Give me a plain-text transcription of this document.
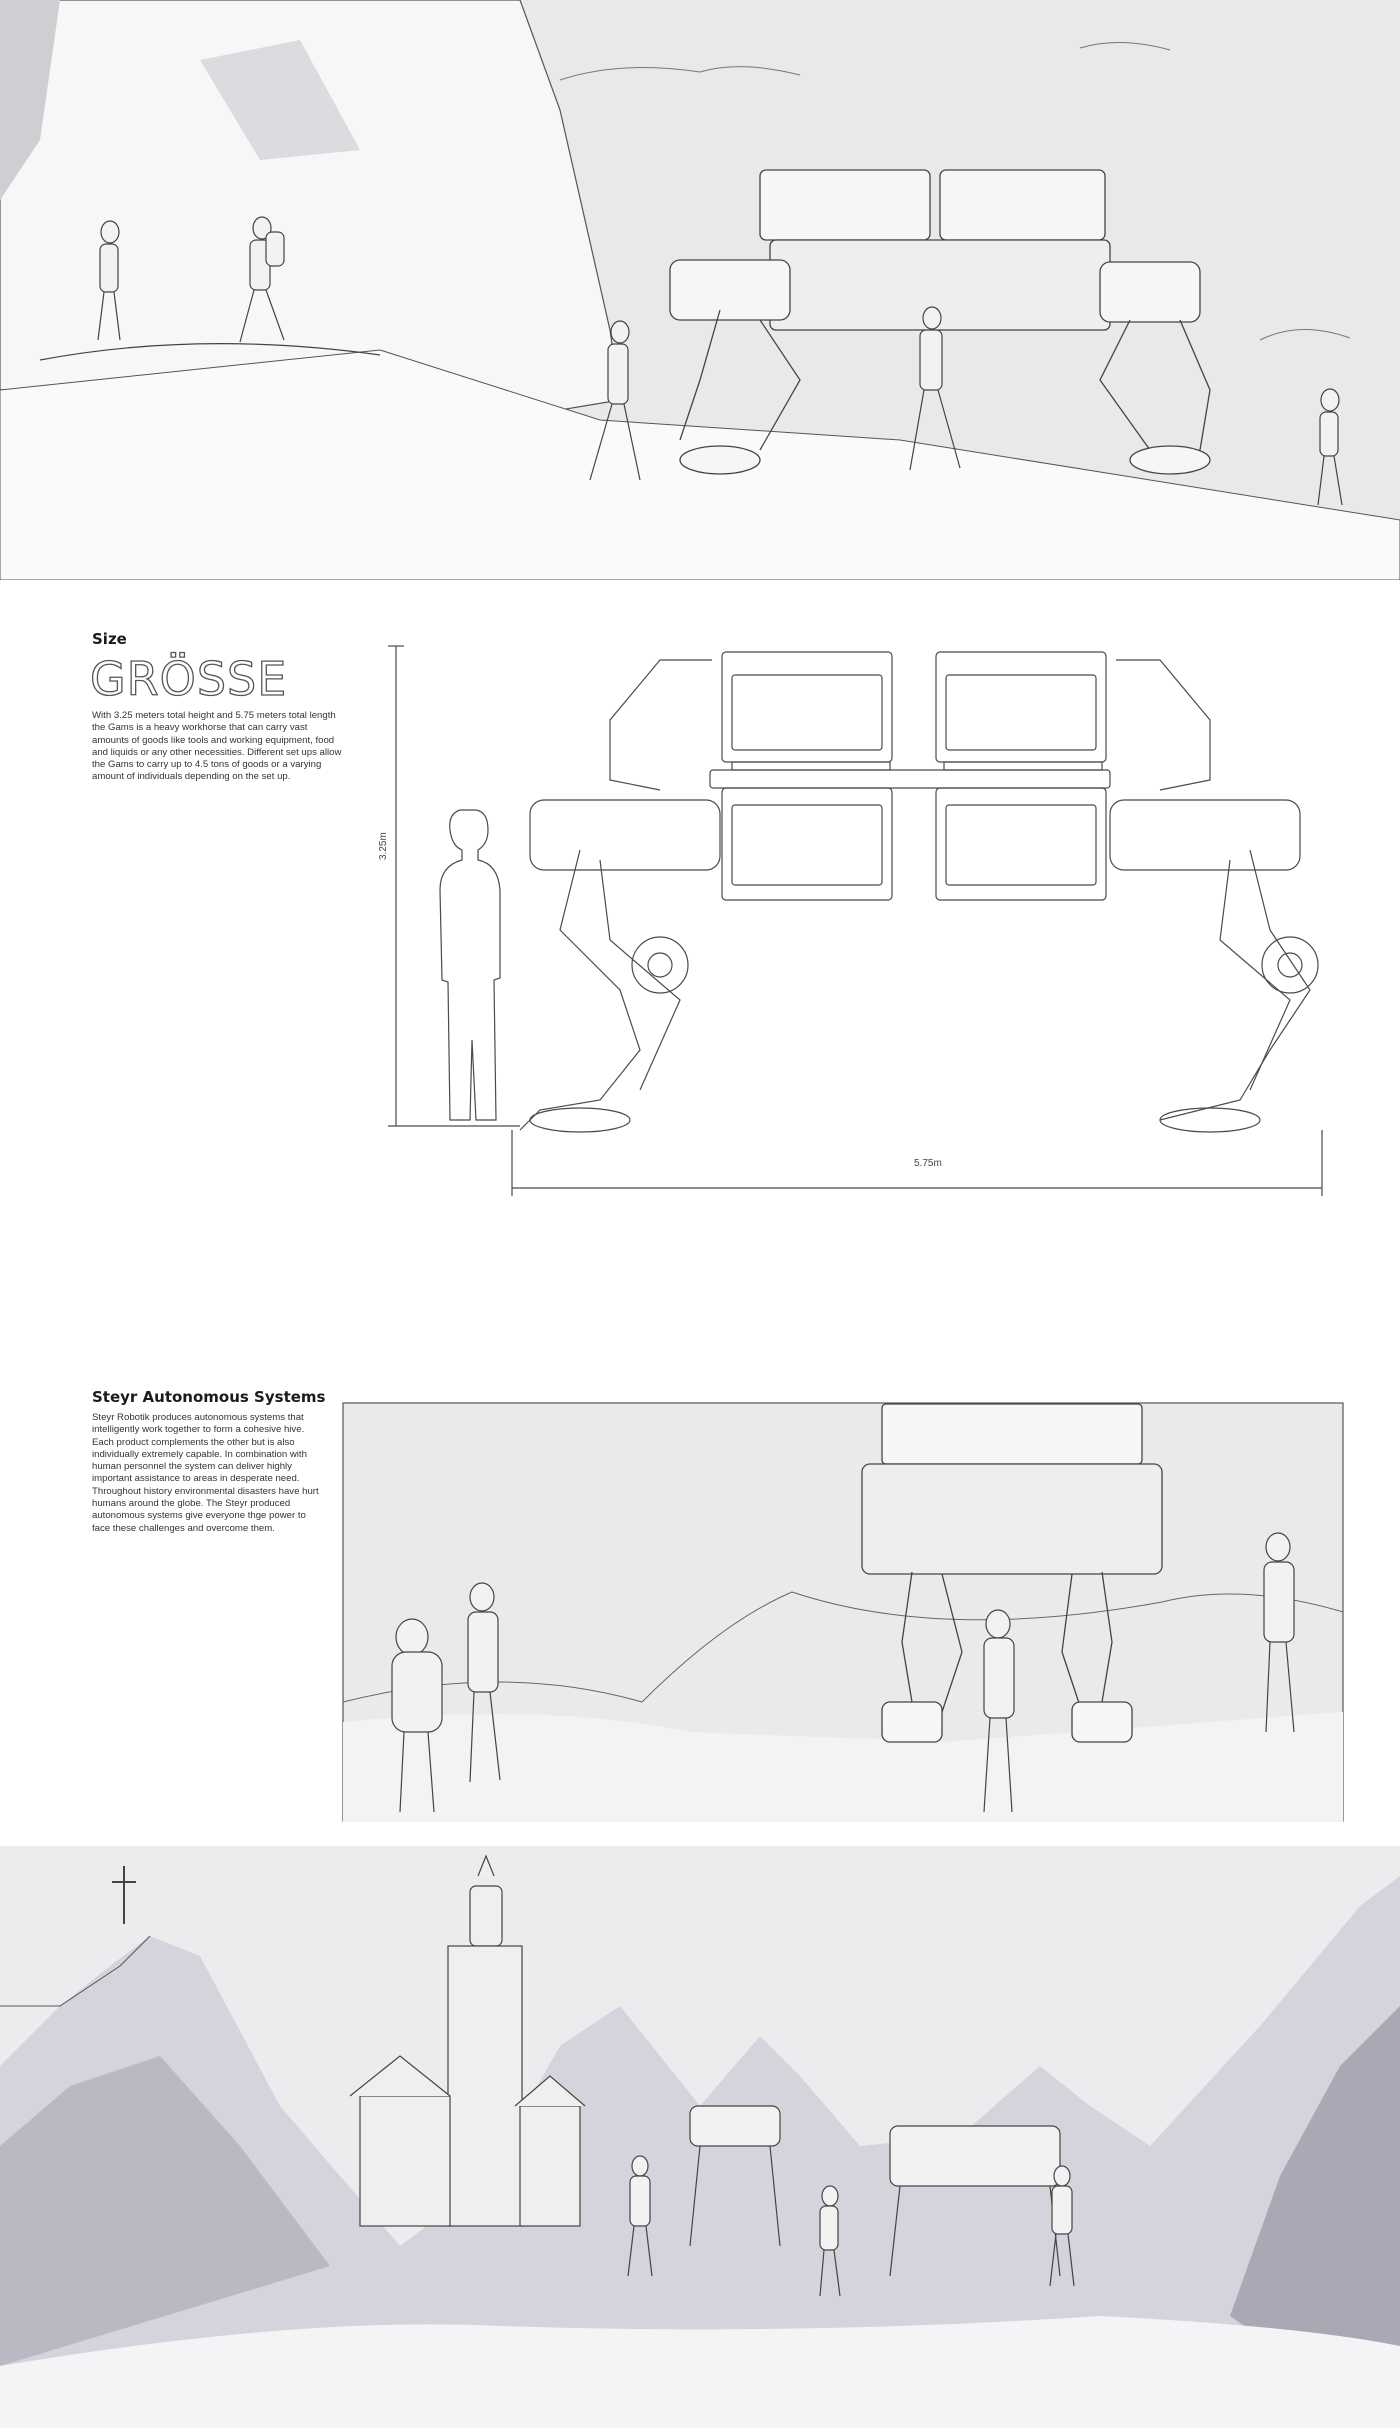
Size
GRÖSSE
With 3.25 meters total height and 5.75 meters total length the Gams is a heavy workhorse that can carry vast amounts of goods like tools and working equipment, food and liquids or any other necessities. Different set ups allow the Gams to carry up to 4.5 tons of goods or a varying amount of individuals depending on the set up.
3.25m
5.75m
Steyr Autonomous Systems
Steyr Robotik produces autonomous systems that intelligently work together to form a cohesive hive. Each product complements the other but is also individually extremely capable. In combination with human personnel the system can deliver highly important assistance to areas in desperate need. Throughout history environmental disasters have hurt humans around the globe. The Steyr produced autonomous systems give everyone thge power to face these challenges and overcome them.
